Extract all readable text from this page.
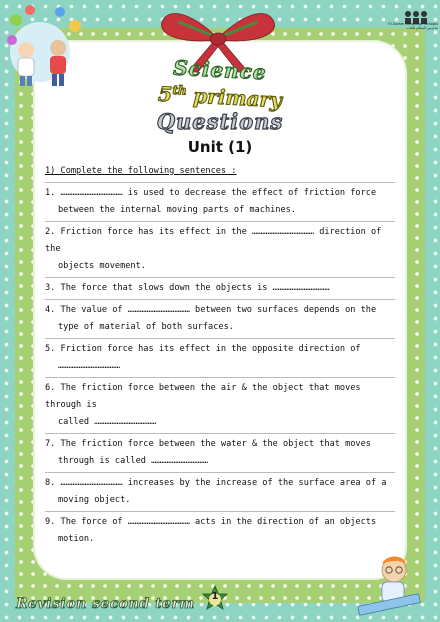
El-Salam Language Schools
مدارس السلام للغات
Science
5th primary
Questions
Unit (1)
1) Complete the following sentences :
1. ……………………………… is used to decrease the effect of friction force
between the internal moving parts of machines.
2. Friction force has its effect in the ……………………………… direction of the
objects movement.
3. The force that slows down the objects is ……………………………
4. The value of ……………………………… between two surfaces depends on the
type of material of both surfaces.
5. Friction force has its effect in the opposite direction of
………………………………
6. The friction force between the air & the object that moves through is
called ………………………………
7. The friction force between the water & the object that moves
through is called ……………………………
8. ……………………………… increases by the increase of the surface area of a
moving object.
9. The force of ……………………………… acts in the direction of an objects
motion.
Revision second term	1
